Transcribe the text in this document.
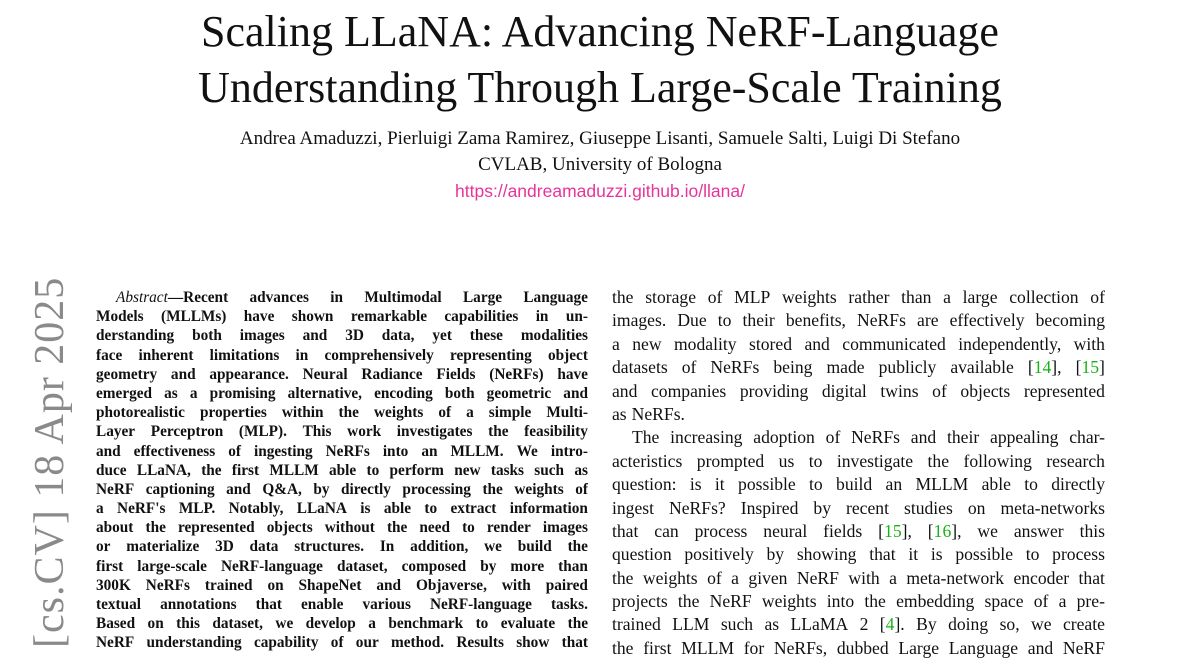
Scaling LLaNA: Advancing NeRF-Language
Understanding Through Large-Scale Training
Andrea Amaduzzi, Pierluigi Zama Ramirez, Giuseppe Lisanti, Samuele Salti, Luigi Di Stefano
CVLAB, University of Bologna
https://andreamaduzzi.github.io/llana/
[cs.CV] 18 Apr 2025	Abstract—Recent advances in Multimodal Large Language
Models (MLLMs) have shown remarkable capabilities in un-
derstanding both images and 3D data, yet these modalities
face inherent limitations in comprehensively representing object
geometry and appearance. Neural Radiance Fields (NeRFs) have
emerged as a promising alternative, encoding both geometric and
photorealistic properties within the weights of a simple Multi-
Layer Perceptron (MLP). This work investigates the feasibility
and effectiveness of ingesting NeRFs into an MLLM. We intro-
duce LLaNA, the first MLLM able to perform new tasks such as
NeRF captioning and Q&A, by directly processing the weights of
a NeRF's MLP. Notably, LLaNA is able to extract information
about the represented objects without the need to render images
or materialize 3D data structures. In addition, we build the
first large-scale NeRF-language dataset, composed by more than
300K NeRFs trained on ShapeNet and Objaverse, with paired
textual annotations that enable various NeRF-language tasks.
Based on this dataset, we develop a benchmark to evaluate the
NeRF understanding capability of our method. Results show that
the storage of MLP weights rather than a large collection of
images. Due to their benefits, NeRFs are effectively becoming
a new modality stored and communicated independently, with
datasets of NeRFs being made publicly available [14], [15]
and companies providing digital twins of objects represented
as NeRFs.
The increasing adoption of NeRFs and their appealing char-
acteristics prompted us to investigate the following research
question: is it possible to build an MLLM able to directly
ingest NeRFs? Inspired by recent studies on meta-networks
that can process neural fields [15], [16], we answer this
question positively by showing that it is possible to process
the weights of a given NeRF with a meta-network encoder that
projects the NeRF weights into the embedding space of a pre-
trained LLM such as LLaMA 2 [4]. By doing so, we create
the first MLLM for NeRFs, dubbed Large Language and NeRF
